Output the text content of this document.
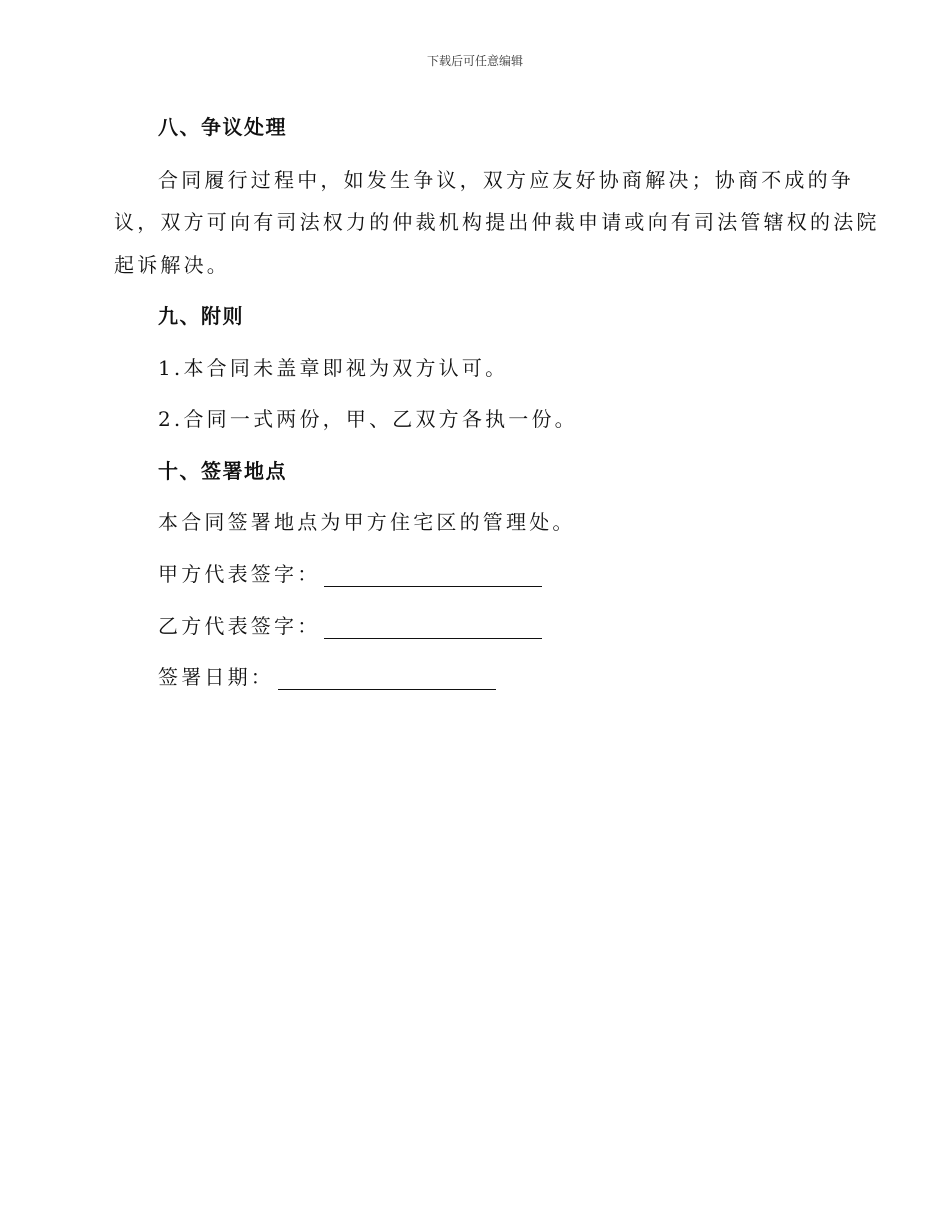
下载后可任意编辑
八、争议处理
合同履行过程中，如发生争议，双方应友好协商解决；协商不成的争
议，双方可向有司法权力的仲裁机构提出仲裁申请或向有司法管辖权的法院
起诉解决。
九、附则
1.本合同未盖章即视为双方认可。
2.合同一式两份，甲、乙双方各执一份。
十、签署地点
本合同签署地点为甲方住宅区的管理处。
甲方代表签字：
乙方代表签字：
签署日期：
